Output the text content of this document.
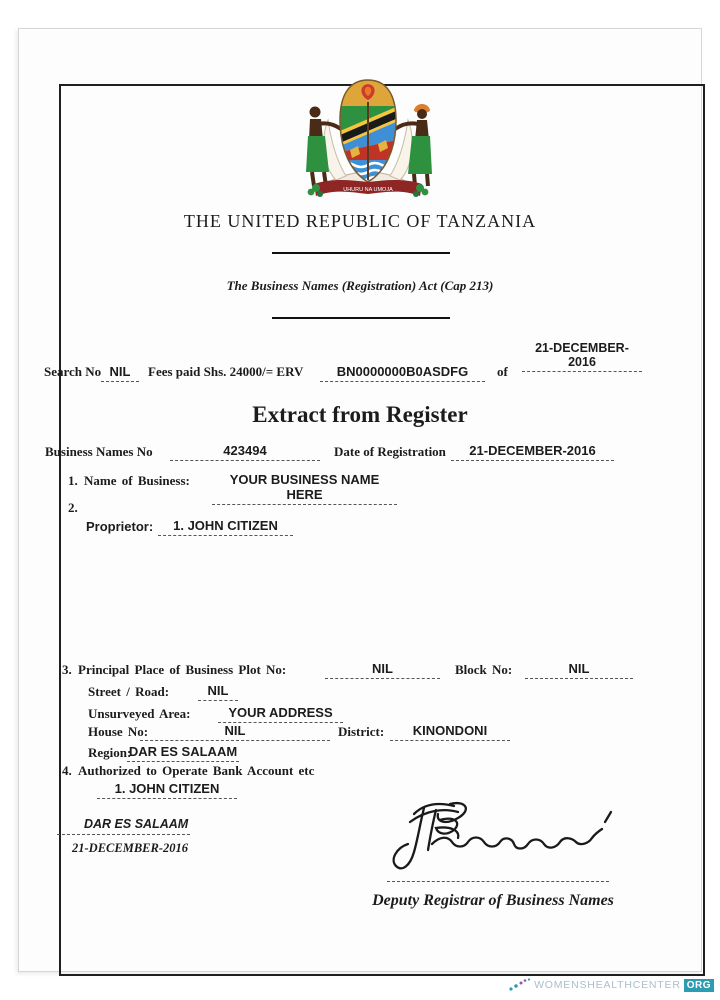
UHURU NA UMOJA
THE UNITED REPUBLIC OF TANZANIA
The Business Names (Registration) Act (Cap 213)
Search No NIL	Fees paid Shs. 24000/= ERV	BN0000000B0ASDFG	of
21-DECEMBER-
2016
Extract from Register
Business Names No	423494	Date of Registration	21-DECEMBER-2016
1. Name of Business:	YOUR BUSINESS NAME HERE
2.
Proprietor:	1. JOHN CITIZEN
3. Principal Place of Business Plot No:	NIL	Block No:	NIL
Street / Road:	NIL
Unsurveyed Area:	YOUR ADDRESS
House No:	NIL	District:	KINONDONI
Region:
DAR ES SALAAM
4. Authorized to Operate Bank Account etc
1. JOHN CITIZEN
DAR ES SALAAM
21-DECEMBER-2016
Deputy Registrar of Business Names
WOMENSHEALTHCENTER ORG
